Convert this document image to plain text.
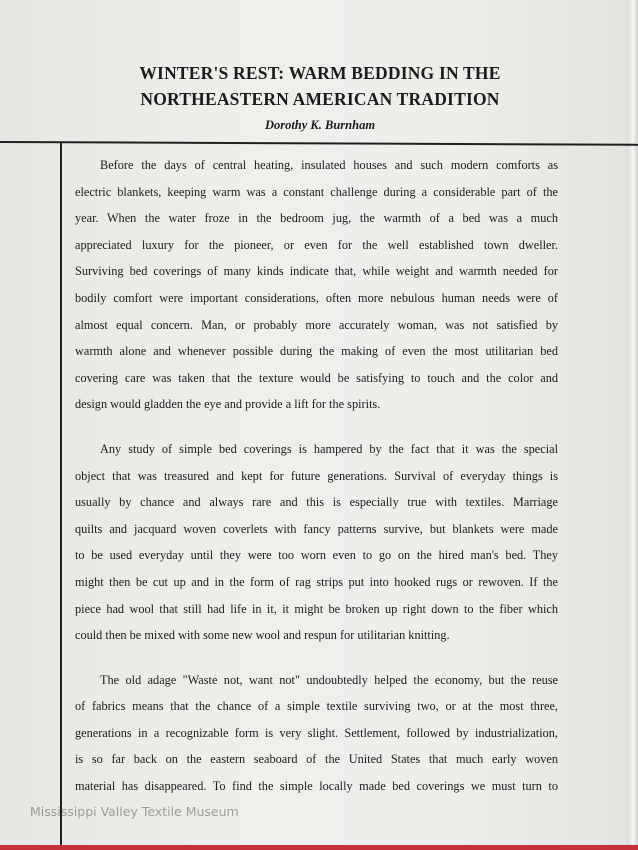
WINTER'S REST: WARM BEDDING IN THE
NORTHEASTERN AMERICAN TRADITION
Dorothy K. Burnham
Before the days of central heating, insulated houses and such modern comforts as
electric blankets, keeping warm was a constant challenge during a considerable part of the
year. When the water froze in the bedroom jug, the warmth of a bed was a much
appreciated luxury for the pioneer, or even for the well established town dweller.
Surviving bed coverings of many kinds indicate that, while weight and warmth needed for
bodily comfort were important considerations, often more nebulous human needs were of
almost equal concern. Man, or probably more accurately woman, was not satisfied by
warmth alone and whenever possible during the making of even the most utilitarian bed
covering care was taken that the texture would be satisfying to touch and the color and
design would gladden the eye and provide a lift for the spirits.
Any study of simple bed coverings is hampered by the fact that it was the special
object that was treasured and kept for future generations. Survival of everyday things is
usually by chance and always rare and this is especially true with textiles. Marriage
quilts and jacquard woven coverlets with fancy patterns survive, but blankets were made
to be used everyday until they were too worn even to go on the hired man's bed. They
might then be cut up and in the form of rag strips put into hooked rugs or rewoven. If the
piece had wool that still had life in it, it might be broken up right down to the fiber which
could then be mixed with some new wool and respun for utilitarian knitting.
The old adage "Waste not, want not" undoubtedly helped the economy, but the reuse
of fabrics means that the chance of a simple textile surviving two, or at the most three,
generations in a recognizable form is very slight. Settlement, followed by industrialization,
is so far back on the eastern seaboard of the United States that much early woven
material has disappeared. To find the simple locally made bed coverings we must turn to
Mississippi Valley Textile Museum
